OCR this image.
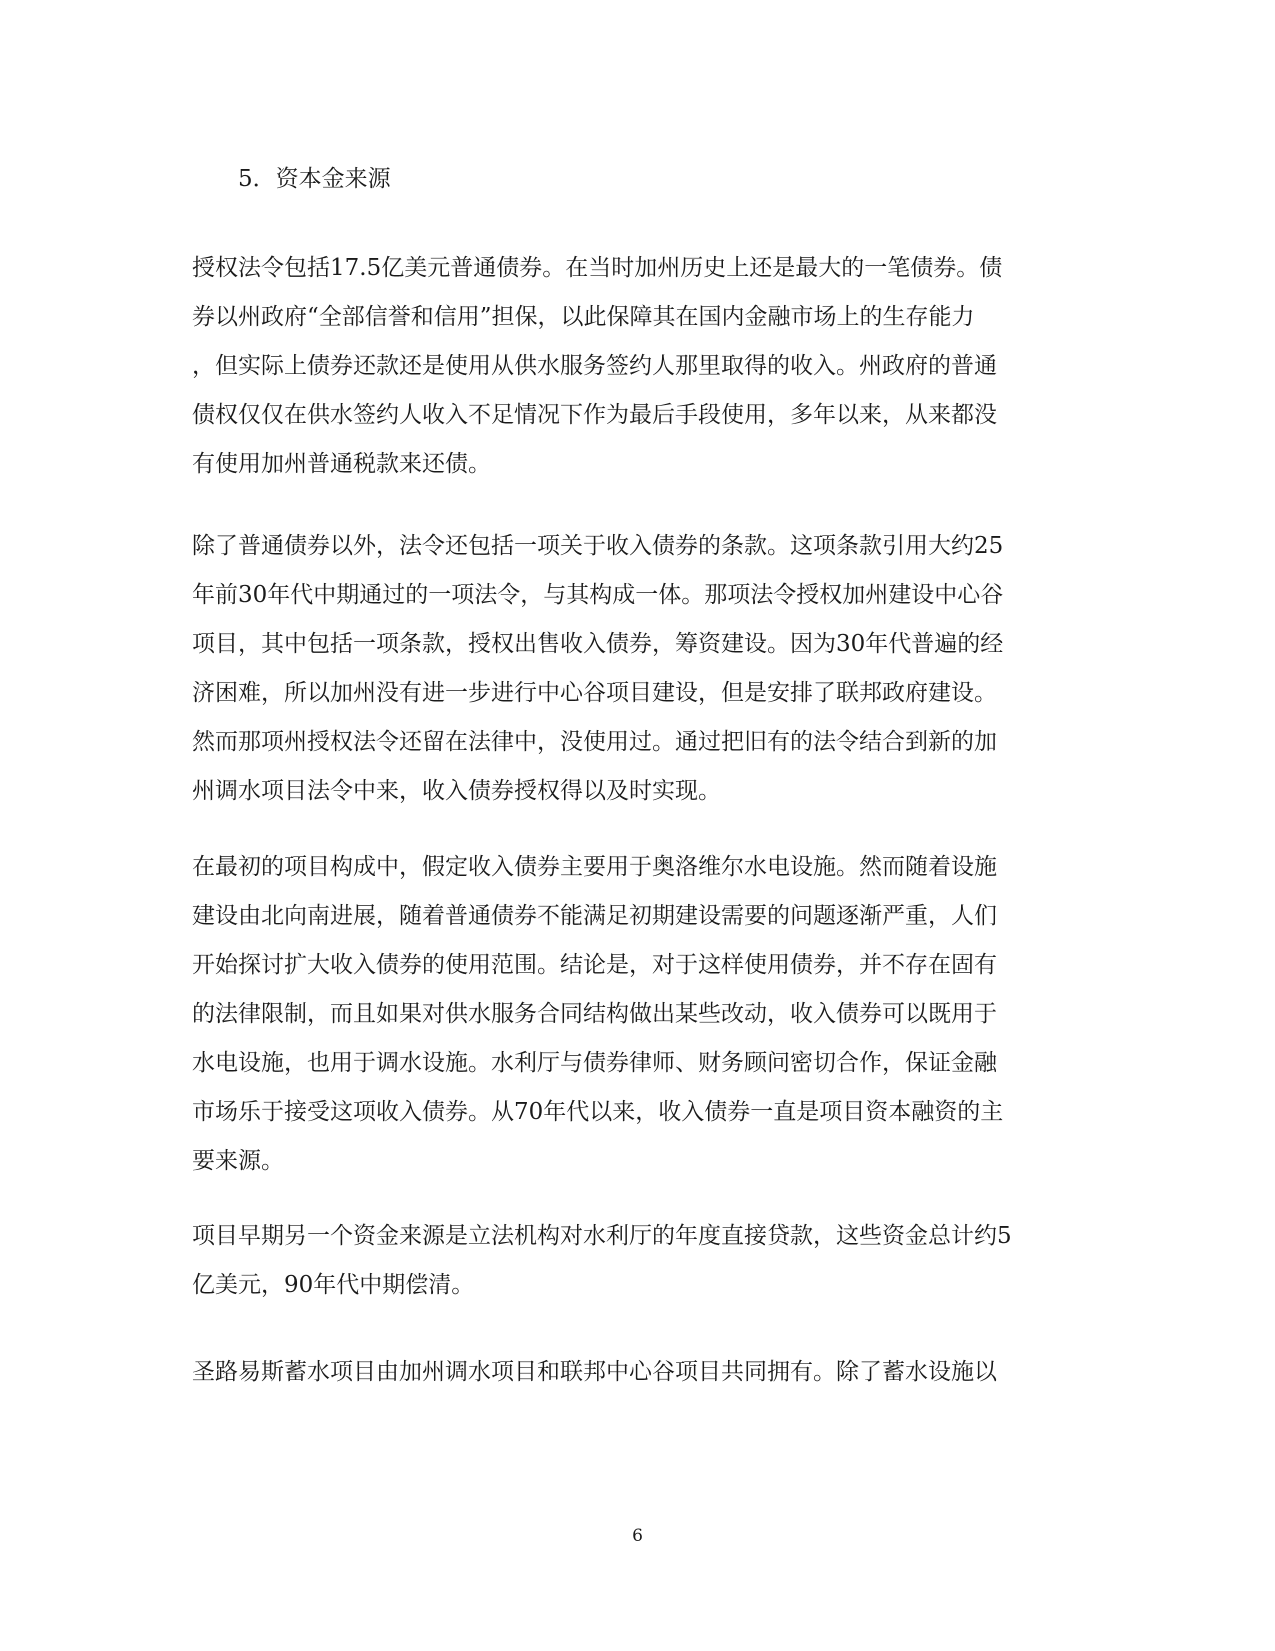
5．资本金来源
授权法令包括17.5亿美元普通债券。在当时加州历史上还是最大的一笔债券。债
券以州政府“全部信誉和信用”担保，以此保障其在国内金融市场上的生存能力
，但实际上债券还款还是使用从供水服务签约人那里取得的收入。州政府的普通
债权仅仅在供水签约人收入不足情况下作为最后手段使用，多年以来，从来都没
有使用加州普通税款来还债。
除了普通债券以外，法令还包括一项关于收入债券的条款。这项条款引用大约25
年前30年代中期通过的一项法令，与其构成一体。那项法令授权加州建设中心谷
项目，其中包括一项条款，授权出售收入债券，筹资建设。因为30年代普遍的经
济困难，所以加州没有进一步进行中心谷项目建设，但是安排了联邦政府建设。
然而那项州授权法令还留在法律中，没使用过。通过把旧有的法令结合到新的加
州调水项目法令中来，收入债券授权得以及时实现。
在最初的项目构成中，假定收入债券主要用于奥洛维尔水电设施。然而随着设施
建设由北向南进展，随着普通债券不能满足初期建设需要的问题逐渐严重，人们
开始探讨扩大收入债券的使用范围。结论是，对于这样使用债券，并不存在固有
的法律限制，而且如果对供水服务合同结构做出某些改动，收入债券可以既用于
水电设施，也用于调水设施。水利厅与债券律师、财务顾问密切合作，保证金融
市场乐于接受这项收入债券。从70年代以来，收入债券一直是项目资本融资的主
要来源。
项目早期另一个资金来源是立法机构对水利厅的年度直接贷款，这些资金总计约5
亿美元，90年代中期偿清。
圣路易斯蓄水项目由加州调水项目和联邦中心谷项目共同拥有。除了蓄水设施以
6
